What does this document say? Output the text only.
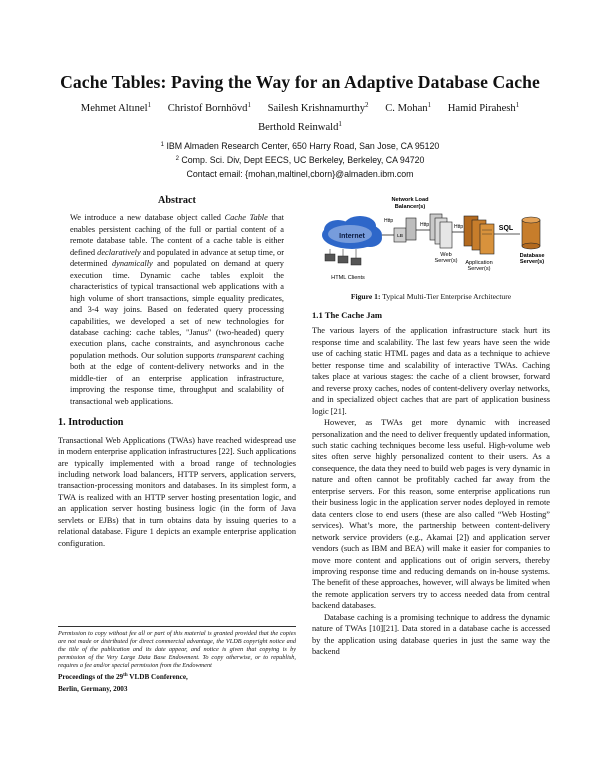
Cache Tables: Paving the Way for an Adaptive Database Cache
Mehmet Altınel$^1$ Christof Bornhövd$^1$ Sailesh Krishnamurthy$^2$ C. Mohan$^1$ Hamid Pirahesh$^1$
Berthold Reinwald$^1$
$^1$ IBM Almaden Research Center, 650 Harry Road, San Jose, CA 95120
$^2$ Comp. Sci. Div, Dept EECS, UC Berkeley, Berkeley, CA 94720
Contact email: {mohan,maltinel,cborn}@almaden.ibm.com
Abstract

We introduce a new database object called Cache Table that enables persistent caching of the full or partial content of a remote database table. The content of a cache table is either defined declaratively and populated in advance at setup time, or determined dynamically and populated on demand at query execution time. Dynamic cache tables exploit the characteristics of typical transactional web applications with a high volume of short transactions, simple equality predicates, and 3-4 way joins. Based on federated query processing capabilities, we developed a set of new technologies for database caching: cache tables, "Janus" (two-headed) query execution plans, cache constraints, and asynchronous cache population methods. Our solution supports transparent caching both at the edge of content-delivery networks and in the middle-tier of an enterprise application infrastructure, improving the response time, throughput and scalability of transactional web applications.

1. Introduction

Transactional Web Applications (TWAs) have reached widespread use in modern enterprise application infrastructures [22]. Such applications are typically implemented with a broad range of technologies including network load balancers, HTTP servers, application servers, transaction-processing monitors and databases. In its simplest form, a TWA is realized with an HTTP server hosting presentation logic, and an application server hosting business logic (in the form of Java servlets or EJBs) that in turn obtains data by issuing queries to a relational database. Figure 1 depicts an example enterprise application configuration.

Permission to copy without fee all or part of this material is granted provided that the copies are not made or distributed for direct commercial advantage, the VLDB copyright notice and the title of the publication and its date appear, and notice is given that copying is by permission of the Very Large Data Base Endowment. To copy otherwise, or to republish, requires a fee and/or special permission from the Endowment
Proceedings of the 29th VLDB Conference,
Berlin, Germany, 2003
Internet
HTML Clients
Network Load
Balancer(s)
Http
LB
Http
Web
Server(s)
Http
Application
Server(s)
SQL
Database
Server(s)
Figure 1: Typical Multi-Tier Enterprise Architecture
1.1 The Cache Jam

The various layers of the application infrastructure stack hurt its response time and scalability. The last few years have seen the wide use of caching static HTML pages and data as a technique to achieve better response time and scalability of interactive TWAs. Caching takes place at various stages: the cache of a client browser, forward and reverse proxy caches, nodes of content-delivery overlay networks, and in specialized object caches that are part of application business logic [21].

However, as TWAs get more dynamic with increased personalization and the need to deliver frequently updated information, such static caching techniques become less useful. High-volume web sites often serve highly personalized content to their users. As a consequence, the data they need to build web pages is very dynamic in nature and often cannot be profitably cached far away from the enterprise servers. For this reason, some enterprise applications run their business logic in the application server nodes deployed in remote data centers close to end users (these are also called “Web Hosting” services). What’s more, the partnership between content-delivery network service providers (e.g., Akamai [2]) and application server vendors (such as IBM and BEA) will make it easier for companies to move more content and applications out of origin servers, thereby improving response time and reducing demands on in-house systems. The benefit of these approaches, however, will always be limited when the remote application servers try to access needed data from central backend databases.

Database caching is a promising technique to address the dynamic nature of TWAs [10][21]. Data stored in a database cache is accessed by the application using database queries in just the same way the backend
